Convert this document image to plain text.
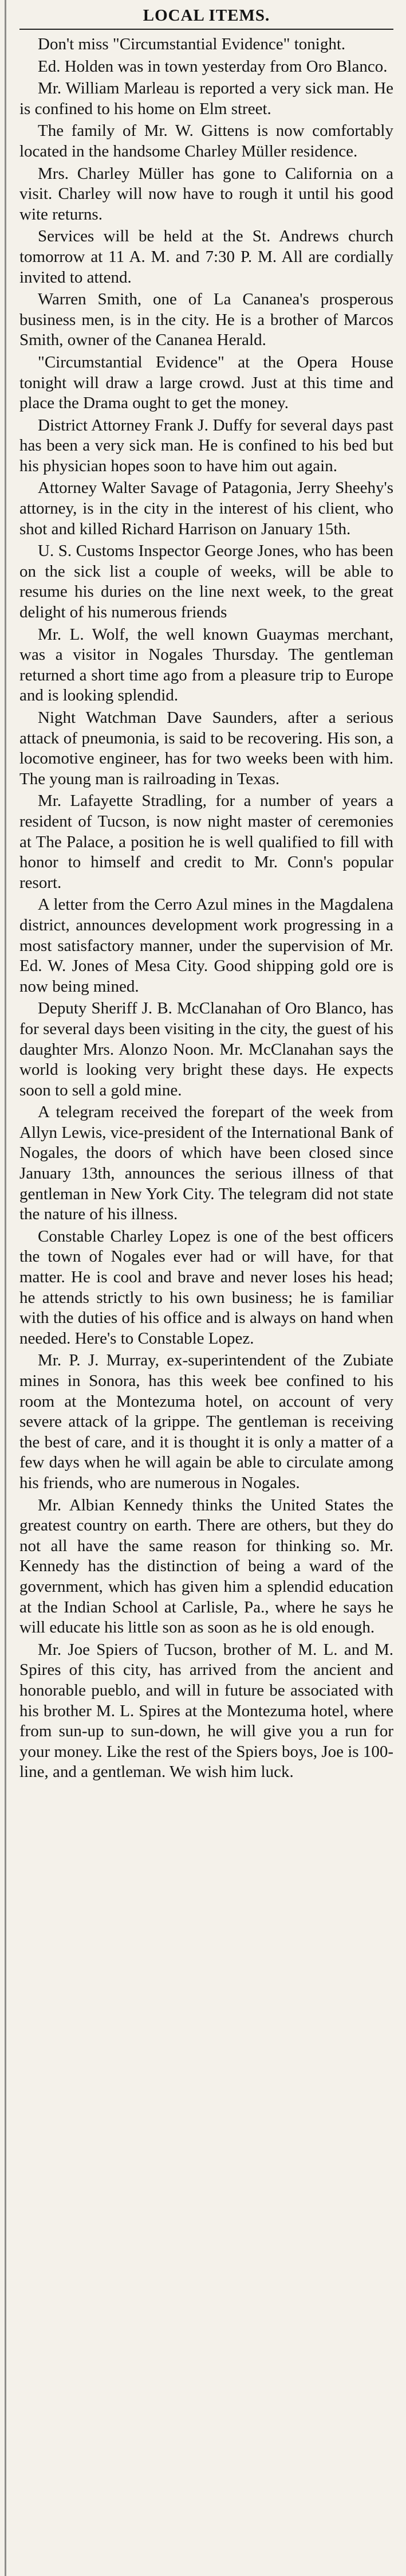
LOCAL ITEMS.

Don't miss "Circumstantial Evidence" tonight.

Ed. Holden was in town yesterday from Oro Blanco.

Mr. William Marleau is reported a very sick man. He is confined to his home on Elm street.

The family of Mr. W. Gittens is now comfortably located in the handsome Charley Müller residence.

Mrs. Charley Müller has gone to California on a visit. Charley will now have to rough it until his good wite returns.

Services will be held at the St. Andrews church tomorrow at 11 A. M. and 7:30 P. M. All are cordially invited to attend.

Warren Smith, one of La Cananea's prosperous business men, is in the city. He is a brother of Marcos Smith, owner of the Cananea Herald.

"Circumstantial Evidence" at the Opera House tonight will draw a large crowd. Just at this time and place the Drama ought to get the money.

District Attorney Frank J. Duffy for several days past has been a very sick man. He is confined to his bed but his physician hopes soon to have him out again.

Attorney Walter Savage of Patagonia, Jerry Sheehy's attorney, is in the city in the interest of his client, who shot and killed Richard Harrison on January 15th.

U. S. Customs Inspector George Jones, who has been on the sick list a couple of weeks, will be able to resume his duries on the line next week, to the great delight of his numerous friends

Mr. L. Wolf, the well known Guaymas merchant, was a visitor in Nogales Thursday. The gentleman returned a short time ago from a pleasure trip to Europe and is looking splendid.

Night Watchman Dave Saunders, after a serious attack of pneumonia, is said to be recovering. His son, a locomotive engineer, has for two weeks been with him. The young man is railroading in Texas.

Mr. Lafayette Stradling, for a number of years a resident of Tucson, is now night master of ceremonies at The Palace, a position he is well qualified to fill with honor to himself and credit to Mr. Conn's popular resort.

A letter from the Cerro Azul mines in the Magdalena district, announces development work progressing in a most satisfactory manner, under the supervision of Mr. Ed. W. Jones of Mesa City. Good shipping gold ore is now being mined.

Deputy Sheriff J. B. McClanahan of Oro Blanco, has for several days been visiting in the city, the guest of his daughter Mrs. Alonzo Noon. Mr. McClanahan says the world is looking very bright these days. He expects soon to sell a gold mine.

A telegram received the forepart of the week from Allyn Lewis, vice-president of the International Bank of Nogales, the doors of which have been closed since January 13th, announces the serious illness of that gentleman in New York City. The telegram did not state the nature of his illness.

Constable Charley Lopez is one of the best officers the town of Nogales ever had or will have, for that matter. He is cool and brave and never loses his head; he attends strictly to his own business; he is familiar with the duties of his office and is always on hand when needed. Here's to Constable Lopez.

Mr. P. J. Murray, ex-superintendent of the Zubiate mines in Sonora, has this week bee confined to his room at the Montezuma hotel, on account of very severe attack of la grippe. The gentleman is receiving the best of care, and it is thought it is only a matter of a few days when he will again be able to circulate among his friends, who are numerous in Nogales.

Mr. Albian Kennedy thinks the United States the greatest country on earth. There are others, but they do not all have the same reason for thinking so. Mr. Kennedy has the distinction of being a ward of the government, which has given him a splendid education at the Indian School at Carlisle, Pa., where he says he will educate his little son as soon as he is old enough.

Mr. Joe Spiers of Tucson, brother of M. L. and M. Spires of this city, has arrived from the ancient and honorable pueblo, and will in future be associated with his brother M. L. Spires at the Montezuma hotel, where from sun-up to sun-down, he will give you a run for your money. Like the rest of the Spiers boys, Joe is 100-line, and a gentleman. We wish him luck.
